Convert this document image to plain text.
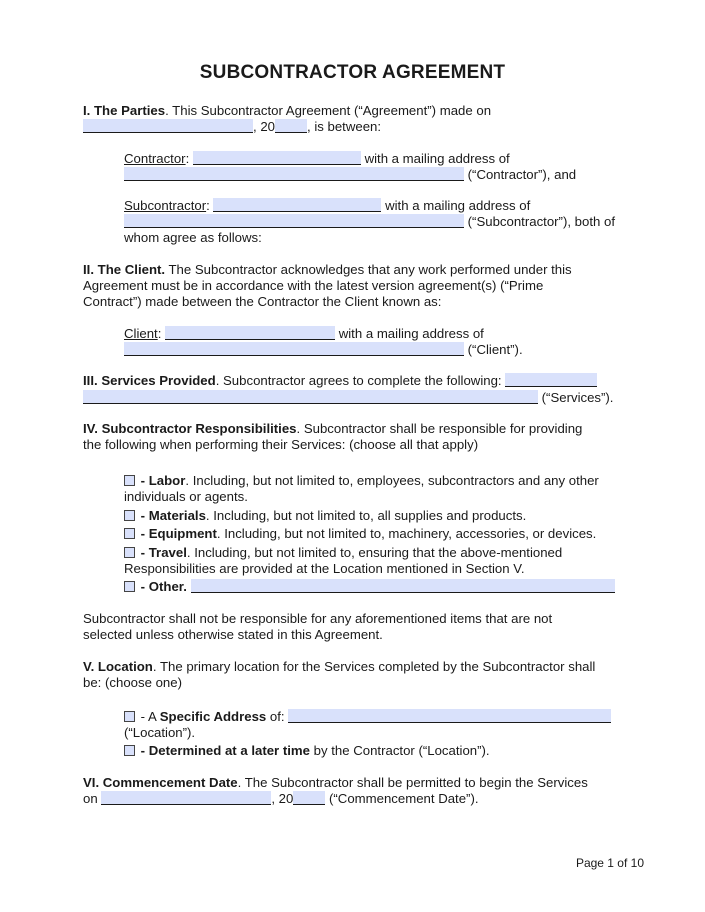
SUBCONTRACTOR AGREEMENT
I. The Parties. This Subcontractor Agreement (“Agreement”) made on
, 20 , is between:
Contractor:	with a mailing address of
(“Contractor”), and
Subcontractor:	with a mailing address of
(“Subcontractor”), both of
whom agree as follows:
II. The Client. The Subcontractor acknowledges that any work performed under this
Agreement must be in accordance with the latest version agreement(s) (“Prime
Contract”) made between the Contractor the Client known as:
Client:	with a mailing address of
(“Client”).
III. Services Provided. Subcontractor agrees to complete the following:
(“Services”).
IV. Subcontractor Responsibilities. Subcontractor shall be responsible for providing
the following when performing their Services: (choose all that apply)
- Labor. Including, but not limited to, employees, subcontractors and any other
individuals or agents.
- Materials. Including, but not limited to, all supplies and products.
- Equipment. Including, but not limited to, machinery, accessories, or devices.
- Travel. Including, but not limited to, ensuring that the above-mentioned
Responsibilities are provided at the Location mentioned in Section V.
- Other.
Subcontractor shall not be responsible for any aforementioned items that are not
selected unless otherwise stated in this Agreement.
V. Location. The primary location for the Services completed by the Subcontractor shall
be: (choose one)
- A Specific Address of:
(“Location”).
- Determined at a later time by the Contractor (“Location”).
VI. Commencement Date. The Subcontractor shall be permitted to begin the Services
on	, 20 (“Commencement Date”).
Page 1 of 10
